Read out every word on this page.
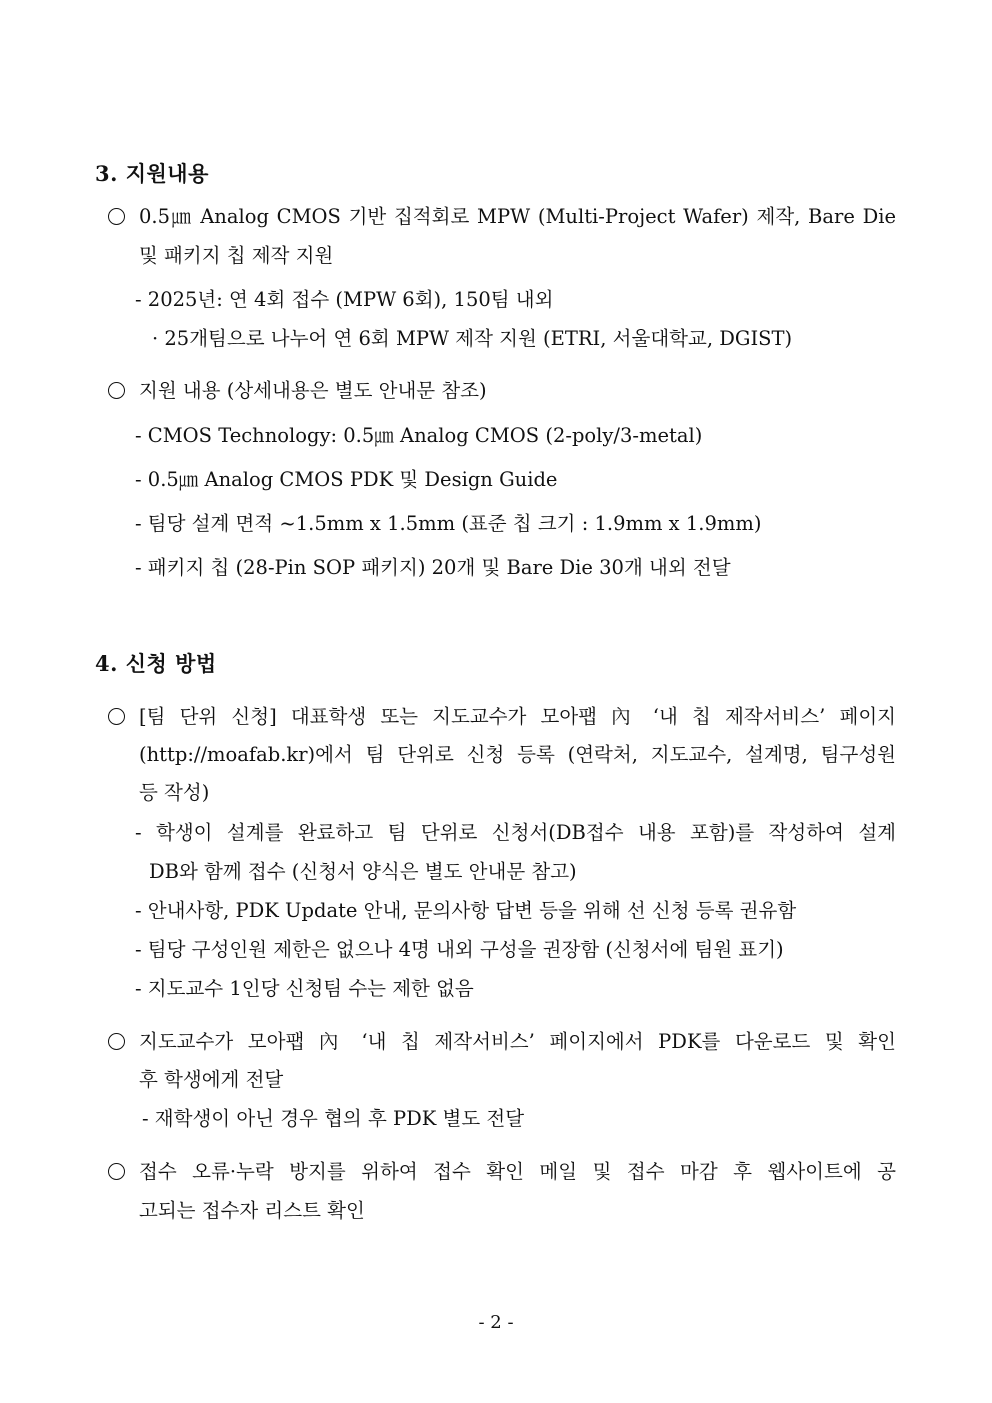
3. 지원내용
0.5㎛ Analog CMOS 기반 집적회로 MPW (Multi-Project Wafer) 제작, Bare Die
및 패키지 칩 제작 지원
- 2025년: 연 4회 접수 (MPW 6회), 150팀 내외
· 25개팀으로 나누어 연 6회 MPW 제작 지원 (ETRI, 서울대학교, DGIST)
지원 내용 (상세내용은 별도 안내문 참조)
- CMOS Technology: 0.5㎛ Analog CMOS (2-poly/3-metal)
- 0.5㎛ Analog CMOS PDK 및 Design Guide
- 팀당 설계 면적 ~1.5mm x 1.5mm (표준 칩 크기 : 1.9mm x 1.9mm)
- 패키지 칩 (28-Pin SOP 패키지) 20개 및 Bare Die 30개 내외 전달
4. 신청 방법
[팀 단위 신청] 대표학생 또는 지도교수가 모아팹 內 ‘내 칩 제작서비스’ 페이지
(http://moafab.kr)에서 팀 단위로 신청 등록 (연락처, 지도교수, 설계명, 팀구성원
등 작성)
- 학생이 설계를 완료하고 팀 단위로 신청서(DB접수 내용 포함)를 작성하여 설계
DB와 함께 접수 (신청서 양식은 별도 안내문 참고)
- 안내사항, PDK Update 안내, 문의사항 답변 등을 위해 선 신청 등록 권유함
- 팀당 구성인원 제한은 없으나 4명 내외 구성을 권장함 (신청서에 팀원 표기)
- 지도교수 1인당 신청팀 수는 제한 없음
지도교수가 모아팹 內 ‘내 칩 제작서비스’ 페이지에서 PDK를 다운로드 및 확인
후 학생에게 전달
- 재학생이 아닌 경우 협의 후 PDK 별도 전달
접수 오류·누락 방지를 위하여 접수 확인 메일 및 접수 마감 후 웹사이트에 공
고되는 접수자 리스트 확인
- 2 -
